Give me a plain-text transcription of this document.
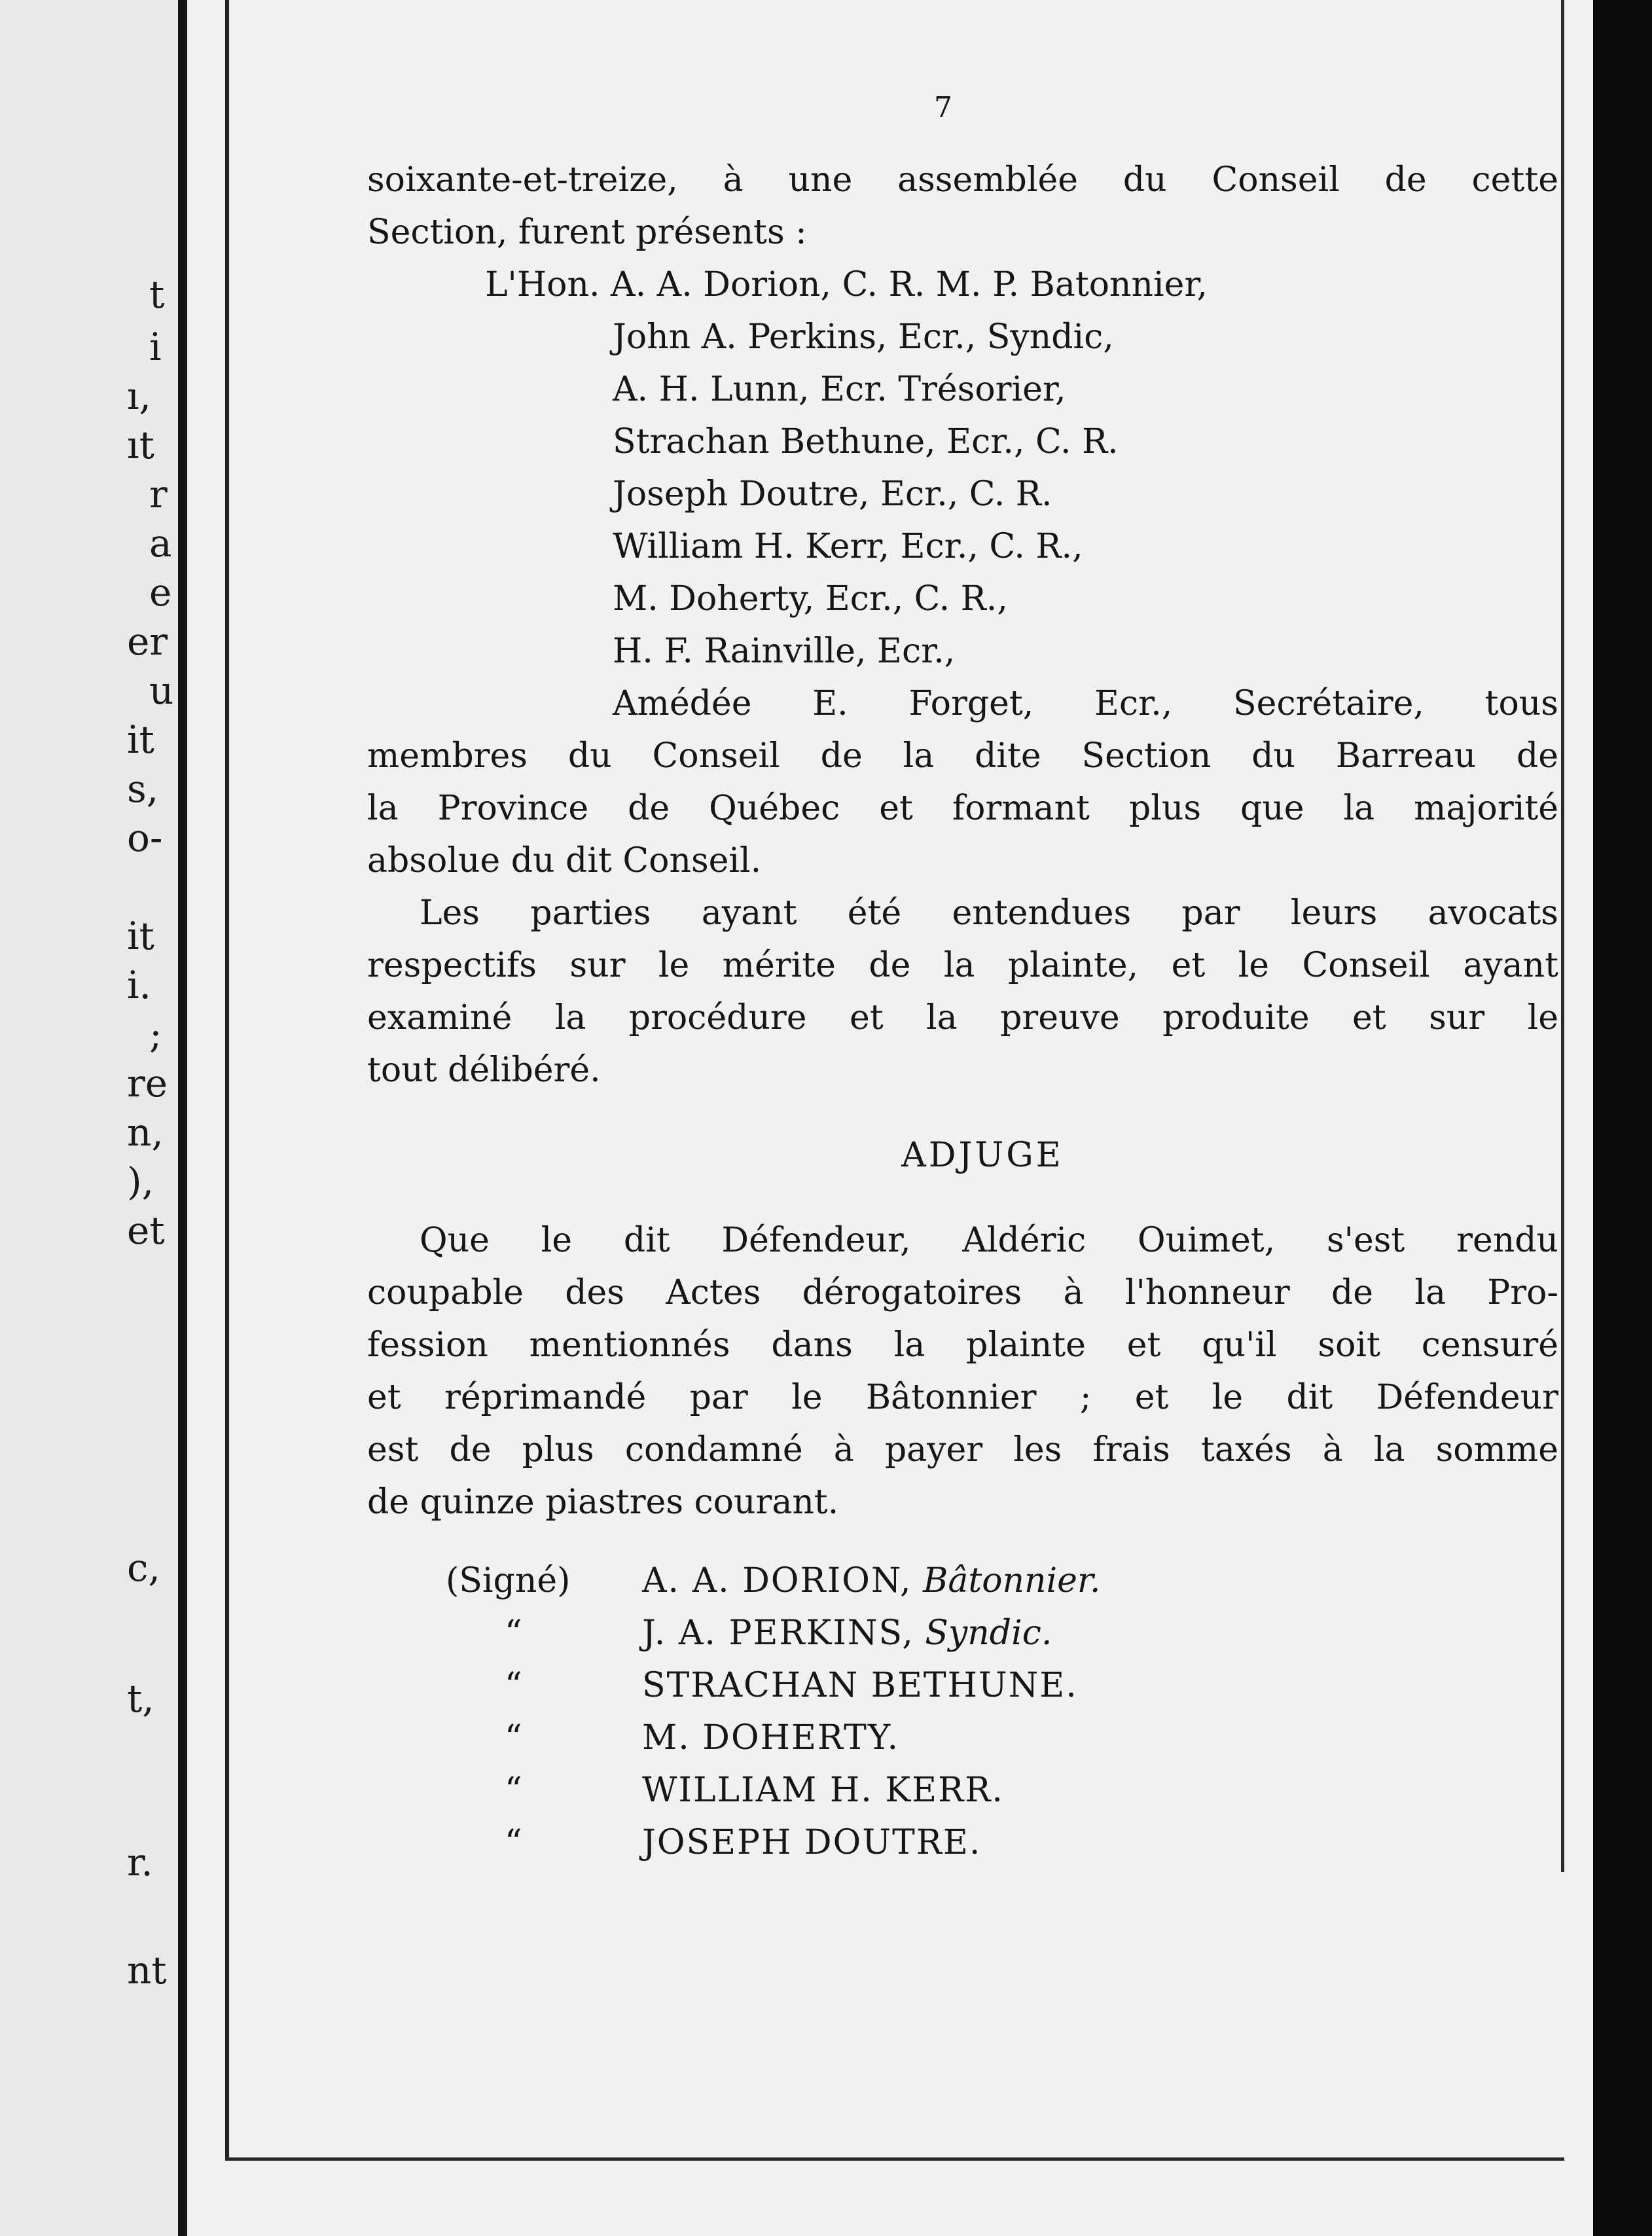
t
i
ı,
ıt
r
a
e
er
u
it
s,
o-
it
i.
;
re
n,
),
et
c,
t,
r.
nt
7
soixante-et-treize, à une assemblée du Conseil de cette
Section, furent présents :
L'Hon. A. A. Dorion, C. R. M. P. Batonnier,
John A. Perkins, Ecr., Syndic,
A. H. Lunn, Ecr. Trésorier,
Strachan Bethune, Ecr., C. R.
Joseph Doutre, Ecr., C. R.
William H. Kerr, Ecr., C. R.,
M. Doherty, Ecr., C. R.,
H. F. Rainville, Ecr.,
Amédée E. Forget, Ecr., Secrétaire, tous
membres du Conseil de la dite Section du Barreau de
la Province de Québec et formant plus que la majorité
absolue du dit Conseil.
Les parties ayant été entendues par leurs avocats
respectifs sur le mérite de la plainte, et le Conseil ayant
examiné la procédure et la preuve produite et sur le
tout délibéré.
ADJUGE
Que le dit Défendeur, Aldéric Ouimet, s'est rendu
coupable des Actes dérogatoires à l'honneur de la Pro-
fession mentionnés dans la plainte et qu'il soit censuré
et réprimandé par le Bâtonnier ; et le dit Défendeur
est de plus condamné à payer les frais taxés à la somme
de quinze piastres courant.
(Signé)	A. A. DORION,
Bâtonnier.
“	J. A. PERKINS,
Syndic.
“	STRACHAN BETHUNE.
“	M. DOHERTY.
“	WILLIAM H. KERR.
“	JOSEPH DOUTRE.
